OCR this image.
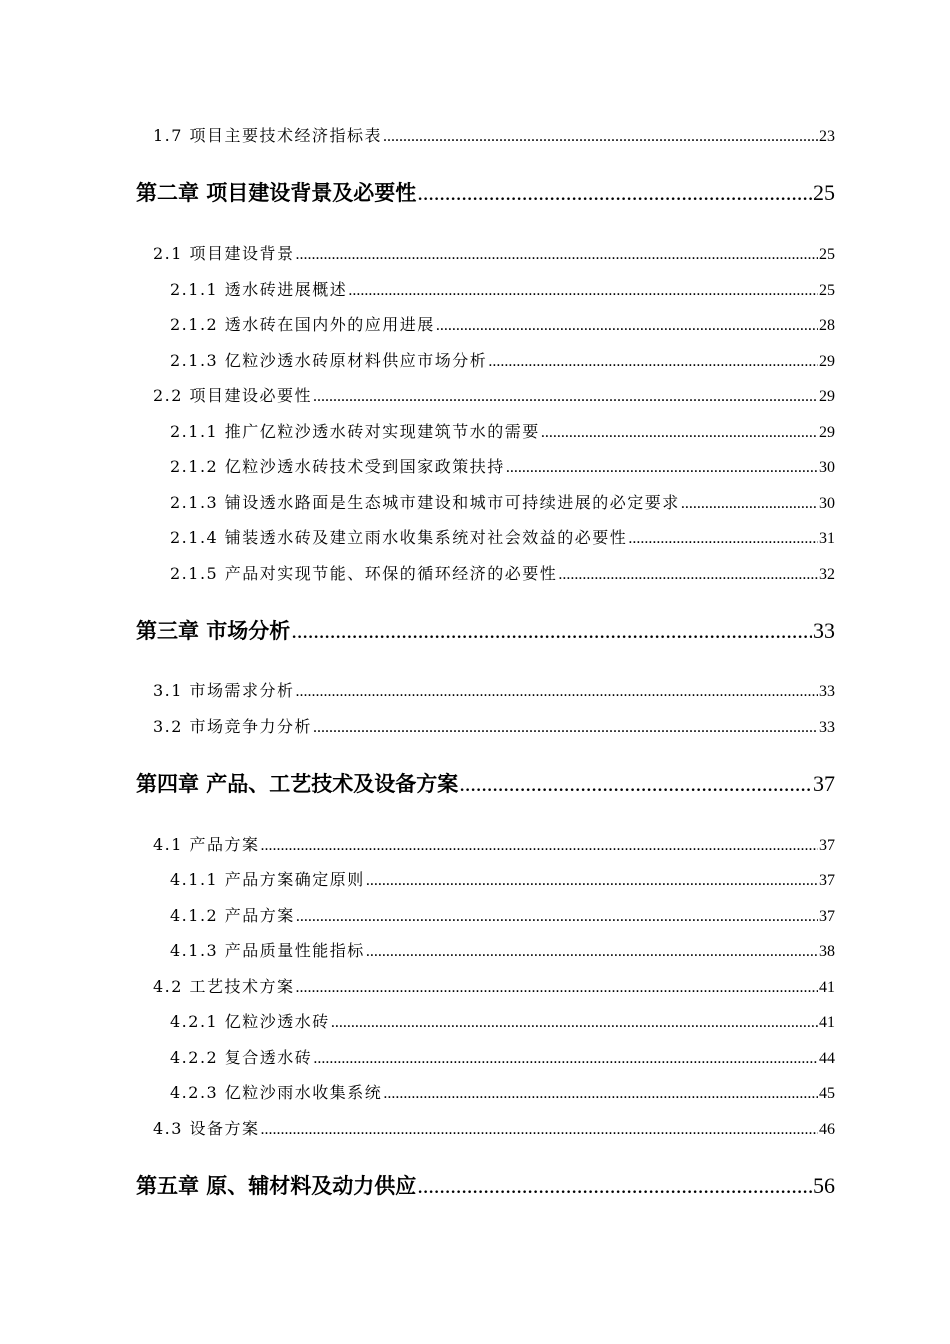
1.7 项目主要技术经济指标表 .....	23
第二章 项目建设背景及必要性 .....	25
2.1 项目建设背景 .....	25
2.1.1 透水砖进展概述 .....	25
2.1.2 透水砖在国内外的应用进展 .....	28
2.1.3 亿粒沙透水砖原材料供应市场分析 .....	29
2.2 项目建设必要性 .....	29
2.1.1 推广亿粒沙透水砖对实现建筑节水的需要 .....	29
2.1.2 亿粒沙透水砖技术受到国家政策扶持 .....	30
2.1.3 铺设透水路面是生态城市建设和城市可持续进展的必定要求 .....	30
2.1.4 铺装透水砖及建立雨水收集系统对社会效益的必要性 .....	31
2.1.5 产品对实现节能、环保的循环经济的必要性 .....	32
第三章 市场分析 .....	33
3.1 市场需求分析 .....	33
3.2 市场竞争力分析 .....	33
第四章 产品、工艺技术及设备方案 .....	37
4.1 产品方案 .....	37
4.1.1 产品方案确定原则 .....	37
4.1.2 产品方案 .....	37
4.1.3 产品质量性能指标 .....	38
4.2 工艺技术方案 .....	41
4.2.1 亿粒沙透水砖 .....	41
4.2.2 复合透水砖 .....	44
4.2.3 亿粒沙雨水收集系统 .....	45
4.3 设备方案 .....	46
第五章 原、辅材料及动力供应 .....	56
